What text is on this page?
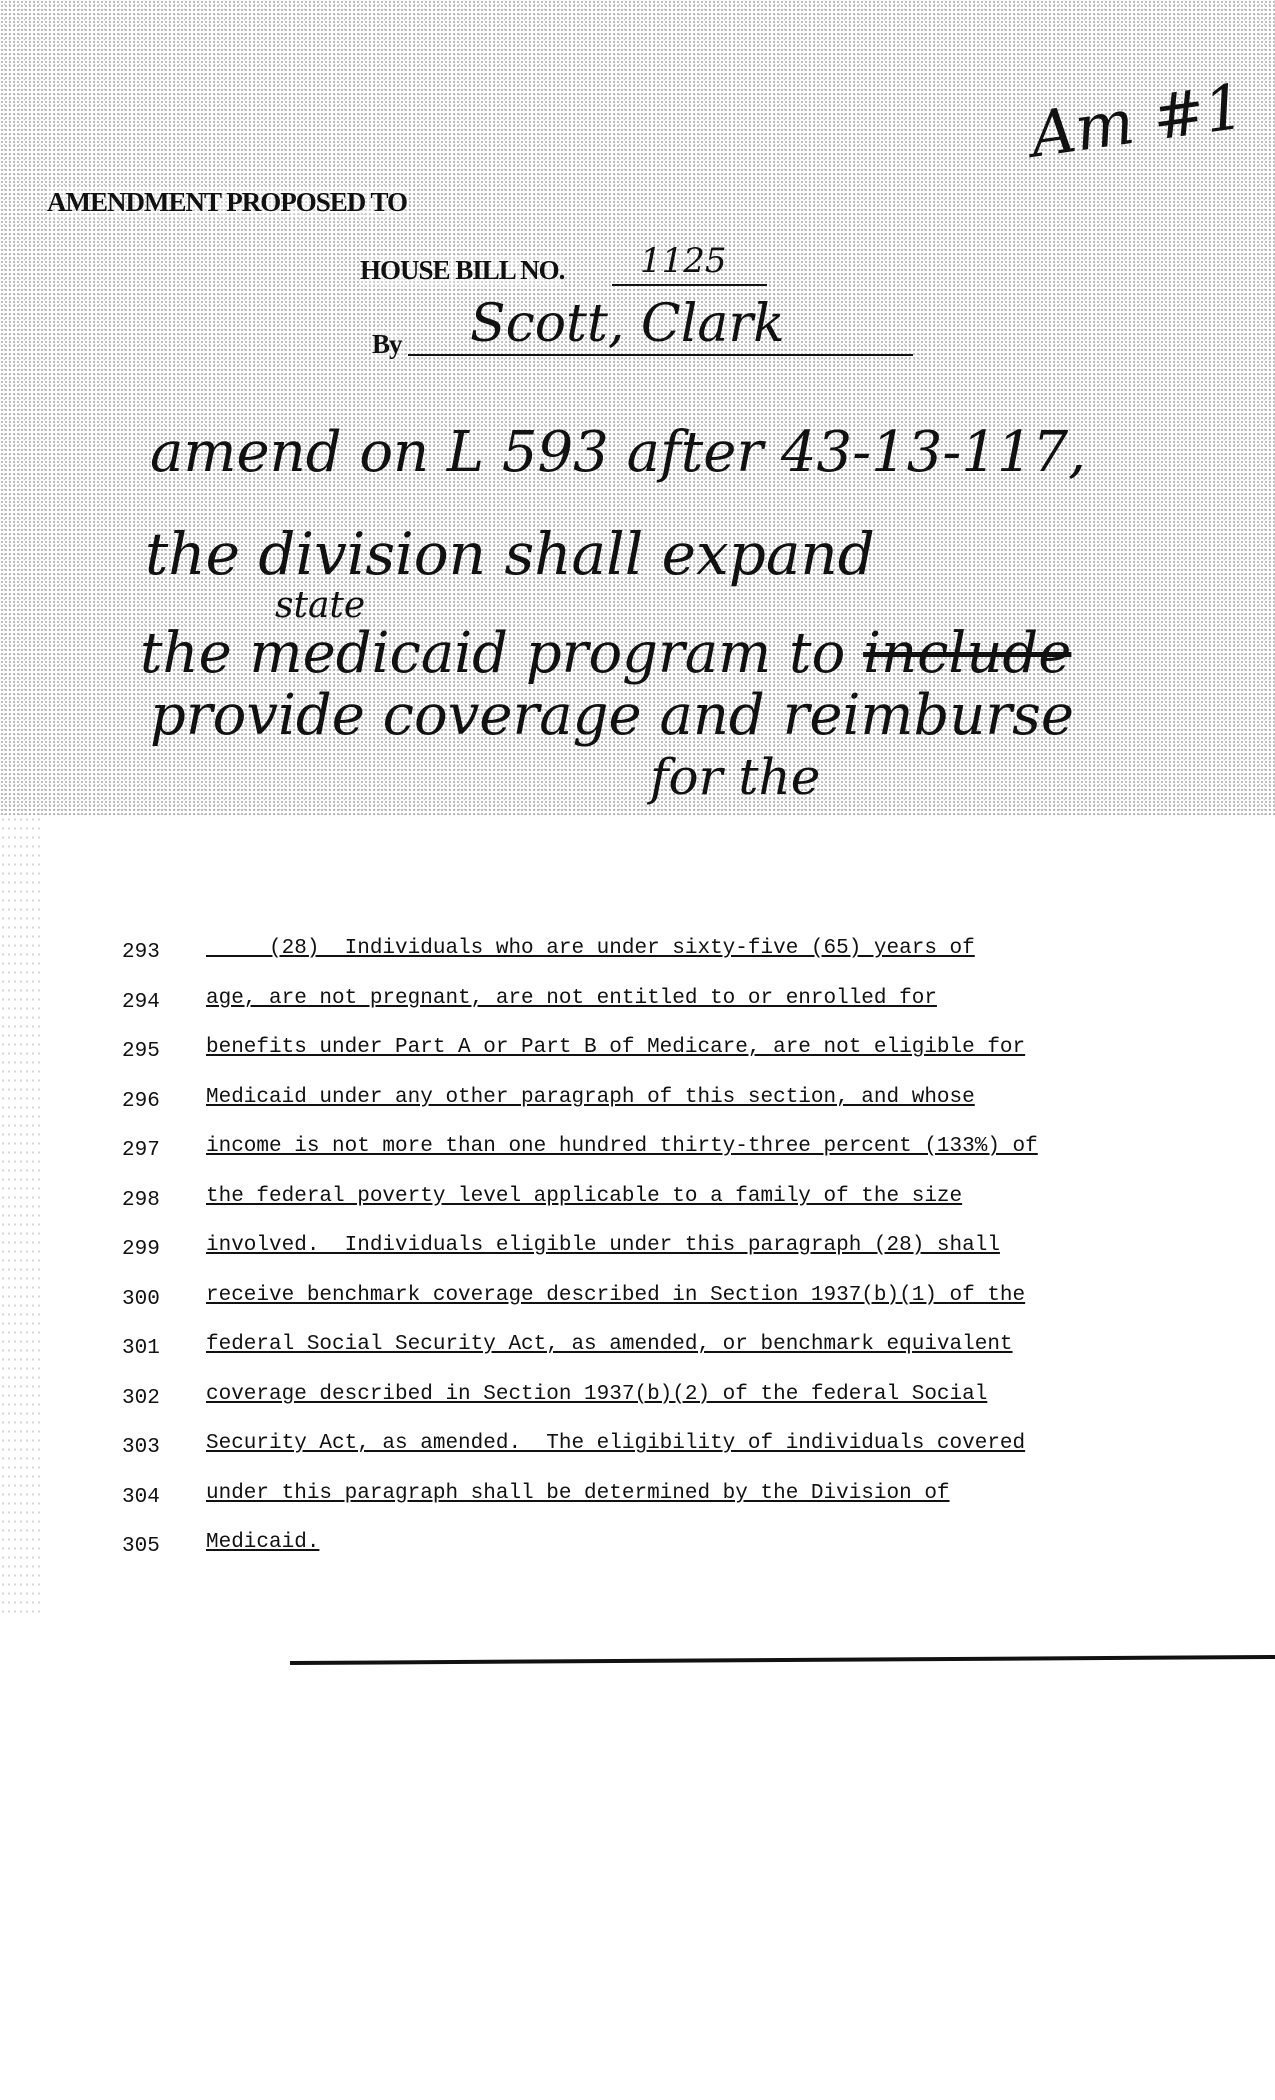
AMENDMENT PROPOSED TO
HOUSE BILL NO. 1125
By Scott, Clark
Am #1
amend on L 593 after 43-13-117,
the division shall expand
state
the medicaid program to include
provide coverage and reimburse
for the
293 (28)  Individuals who are under sixty-five (65) years of
294 age, are not pregnant, are not entitled to or enrolled for
295 benefits under Part A or Part B of Medicare, are not eligible for
296 Medicaid under any other paragraph of this section, and whose
297 income is not more than one hundred thirty-three percent (133%) of
298 the federal poverty level applicable to a family of the size
299 involved.  Individuals eligible under this paragraph (28) shall
300 receive benchmark coverage described in Section 1937(b)(1) of the
301 federal Social Security Act, as amended, or benchmark equivalent
302 coverage described in Section 1937(b)(2) of the federal Social
303 Security Act, as amended.  The eligibility of individuals covered
304 under this paragraph shall be determined by the Division of
305 Medicaid.
